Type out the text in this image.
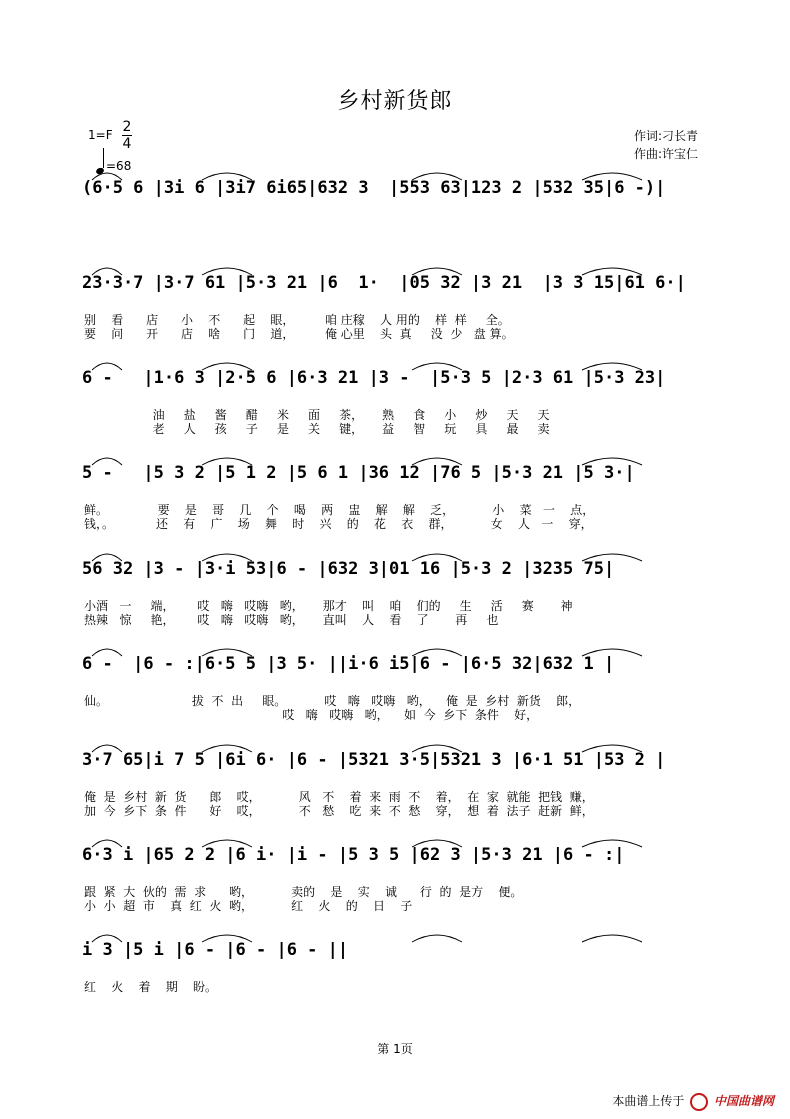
乡村新货郎
1=F 2
4
=68
作词:刁长青
作曲:许宝仁
(6·5 6 |3i 6 |3i7 6i65|632 3  |553 63|123 2 |532 35|6 -)|
23·3·7 |3·7 61 |5·3 21 |6  1·  |05 32 |3 21  |3 3 15|61 6·|
别    看      店      小    不      起    眼，        咱 庄稼    人 用的    样  样     全。
要    问      开      店    啥      门    道，        俺 心里    头  真     没  少   盘 算。
6 -   |1·6 3 |2·5 6 |6·3 21 |3 -  |5·3 5 |2·3 61 |5·3 23|
油     盐     酱     醋     米     面     茶，     熟     食     小     炒     天     天
老     人     孩     子     是     关     键，     益     智     玩     具     最     卖
5 -   |5 3 2 |5 1 2 |5 6 1 |36 12 |76 5 |5·3 21 |5 3·|
鲜。             要    是    哥    几    个    喝    两    盅    解    解    乏，          小    菜   一    点，
钱，。           还    有    广    场    舞    时    兴    的    花    衣    群，          女    人   一    穿，
56 32 |3 - |3·i 53|6 - |632 3|01 16 |5·3 2 |3235 75|
小酒   一     端，      哎   嗨   哎嗨   哟，     那才    叫    咱    们的     生     活     赛       神
热辣   惊     艳，      哎   嗨   哎嗨   哟，     直叫    人    看    了       再     也
6 -  |6 - :|6·5 5 |3 5· ||i·6 i5|6 - |6·5 32|632 1 |
仙。                      拔  不  出     眼。          哎   嗨   哎嗨   哟，    俺  是  乡村  新货    郎，
哎   嗨   哎嗨   哟，    如  今  乡下  条件    好，
3·7 65|i 7 5 |6i 6· |6 - |5321 3·5|5321 3 |6·1 51 |53 2 |
俺  是  乡村  新  货      郎    哎，          风   不    着  来  雨  不    着，  在  家  就能  把钱  赚，
加  今  乡下  条  件      好    哎，          不   愁    吃  来  不  愁    穿，  想  着  法子  赶新  鲜，
6·3 i |65 2 2 |6 i· |i - |5 3 5 |62 3 |5·3 21 |6 - :|
跟  紧  大  伙的  需  求      哟，          卖的    是    实    诚      行  的  是方    便。
小  小  超  市    真  红  火  哟，          红    火    的    日    子
i 3 |5 i |6 - |6 - |6 - ||
红    火    着    期    盼。
第 1页
本曲谱上传于 中国曲谱网
